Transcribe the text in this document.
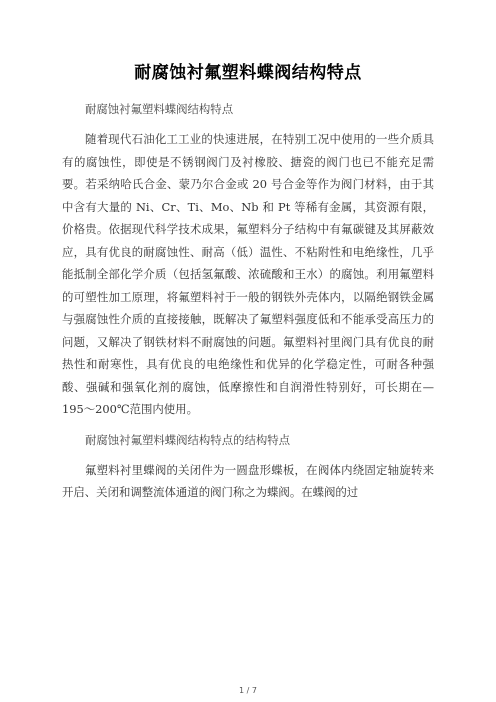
耐腐蚀衬氟塑料蝶阀结构特点

耐腐蚀衬氟塑料蝶阀结构特点

随着现代石油化工工业的快速进展，在特别工况中使用的一些介质具有的腐蚀性，即使是不锈钢阀门及衬橡胶、搪瓷的阀门也已不能充足需要。若采纳哈氏合金、蒙乃尔合金或 20 号合金等作为阀门材料，由于其中含有大量的 Ni、Cr、Ti、Mo、Nb 和 Pt 等稀有金属，其资源有限，价格贵。依据现代科学技术成果，氟塑料分子结构中有氟碳键及其屏蔽效应，具有优良的耐腐蚀性、耐高（低）温性、不粘附性和电绝缘性，几乎能抵制全部化学介质（包括氢氟酸、浓硫酸和王水）的腐蚀。利用氟塑料的可塑性加工原理，将氟塑料衬于一般的钢铁外壳体内，以隔绝钢铁金属与强腐蚀性介质的直接接触，既解决了氟塑料强度低和不能承受高压力的问题，又解决了钢铁材料不耐腐蚀的问题。氟塑料衬里阀门具有优良的耐热性和耐寒性，具有优良的电绝缘性和优异的化学稳定性，可耐各种强酸、强碱和强氧化剂的腐蚀，低摩擦性和自润滑性特别好，可长期在—195～200℃范围内使用。

耐腐蚀衬氟塑料蝶阀结构特点的结构特点

氟塑料衬里蝶阀的关闭件为一圆盘形蝶板，在阀体内绕固定轴旋转来开启、关闭和调整流体通道的阀门称之为蝶阀。在蝶阀的过

1 / 7
